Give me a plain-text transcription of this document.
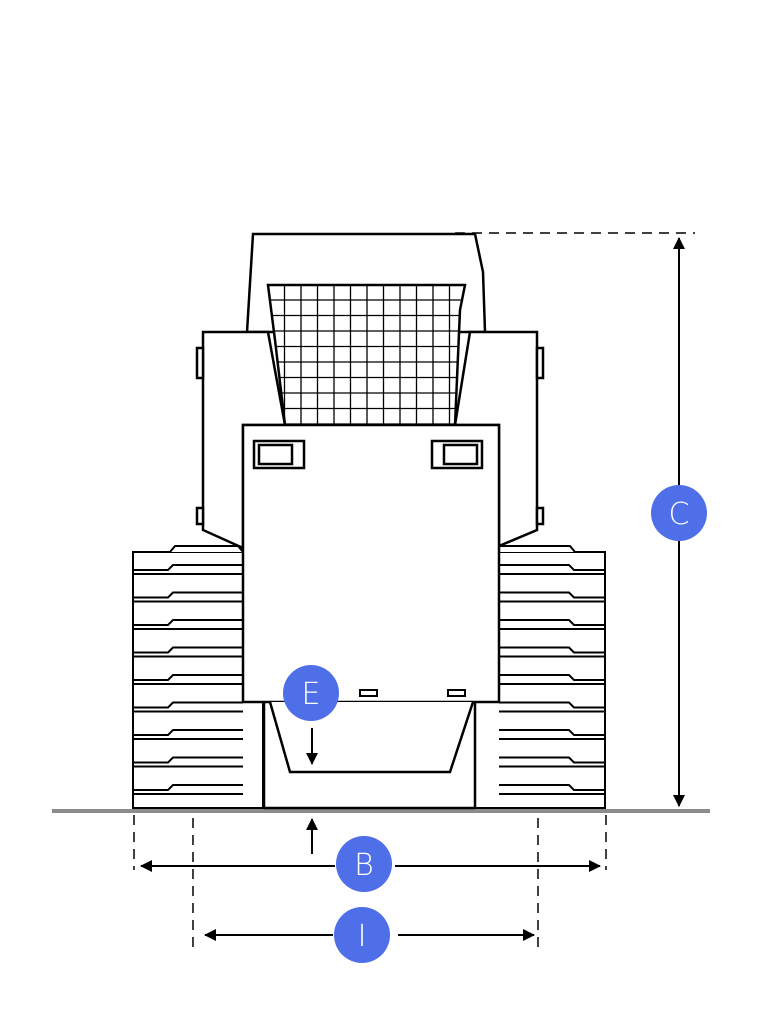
C
E
B
I
